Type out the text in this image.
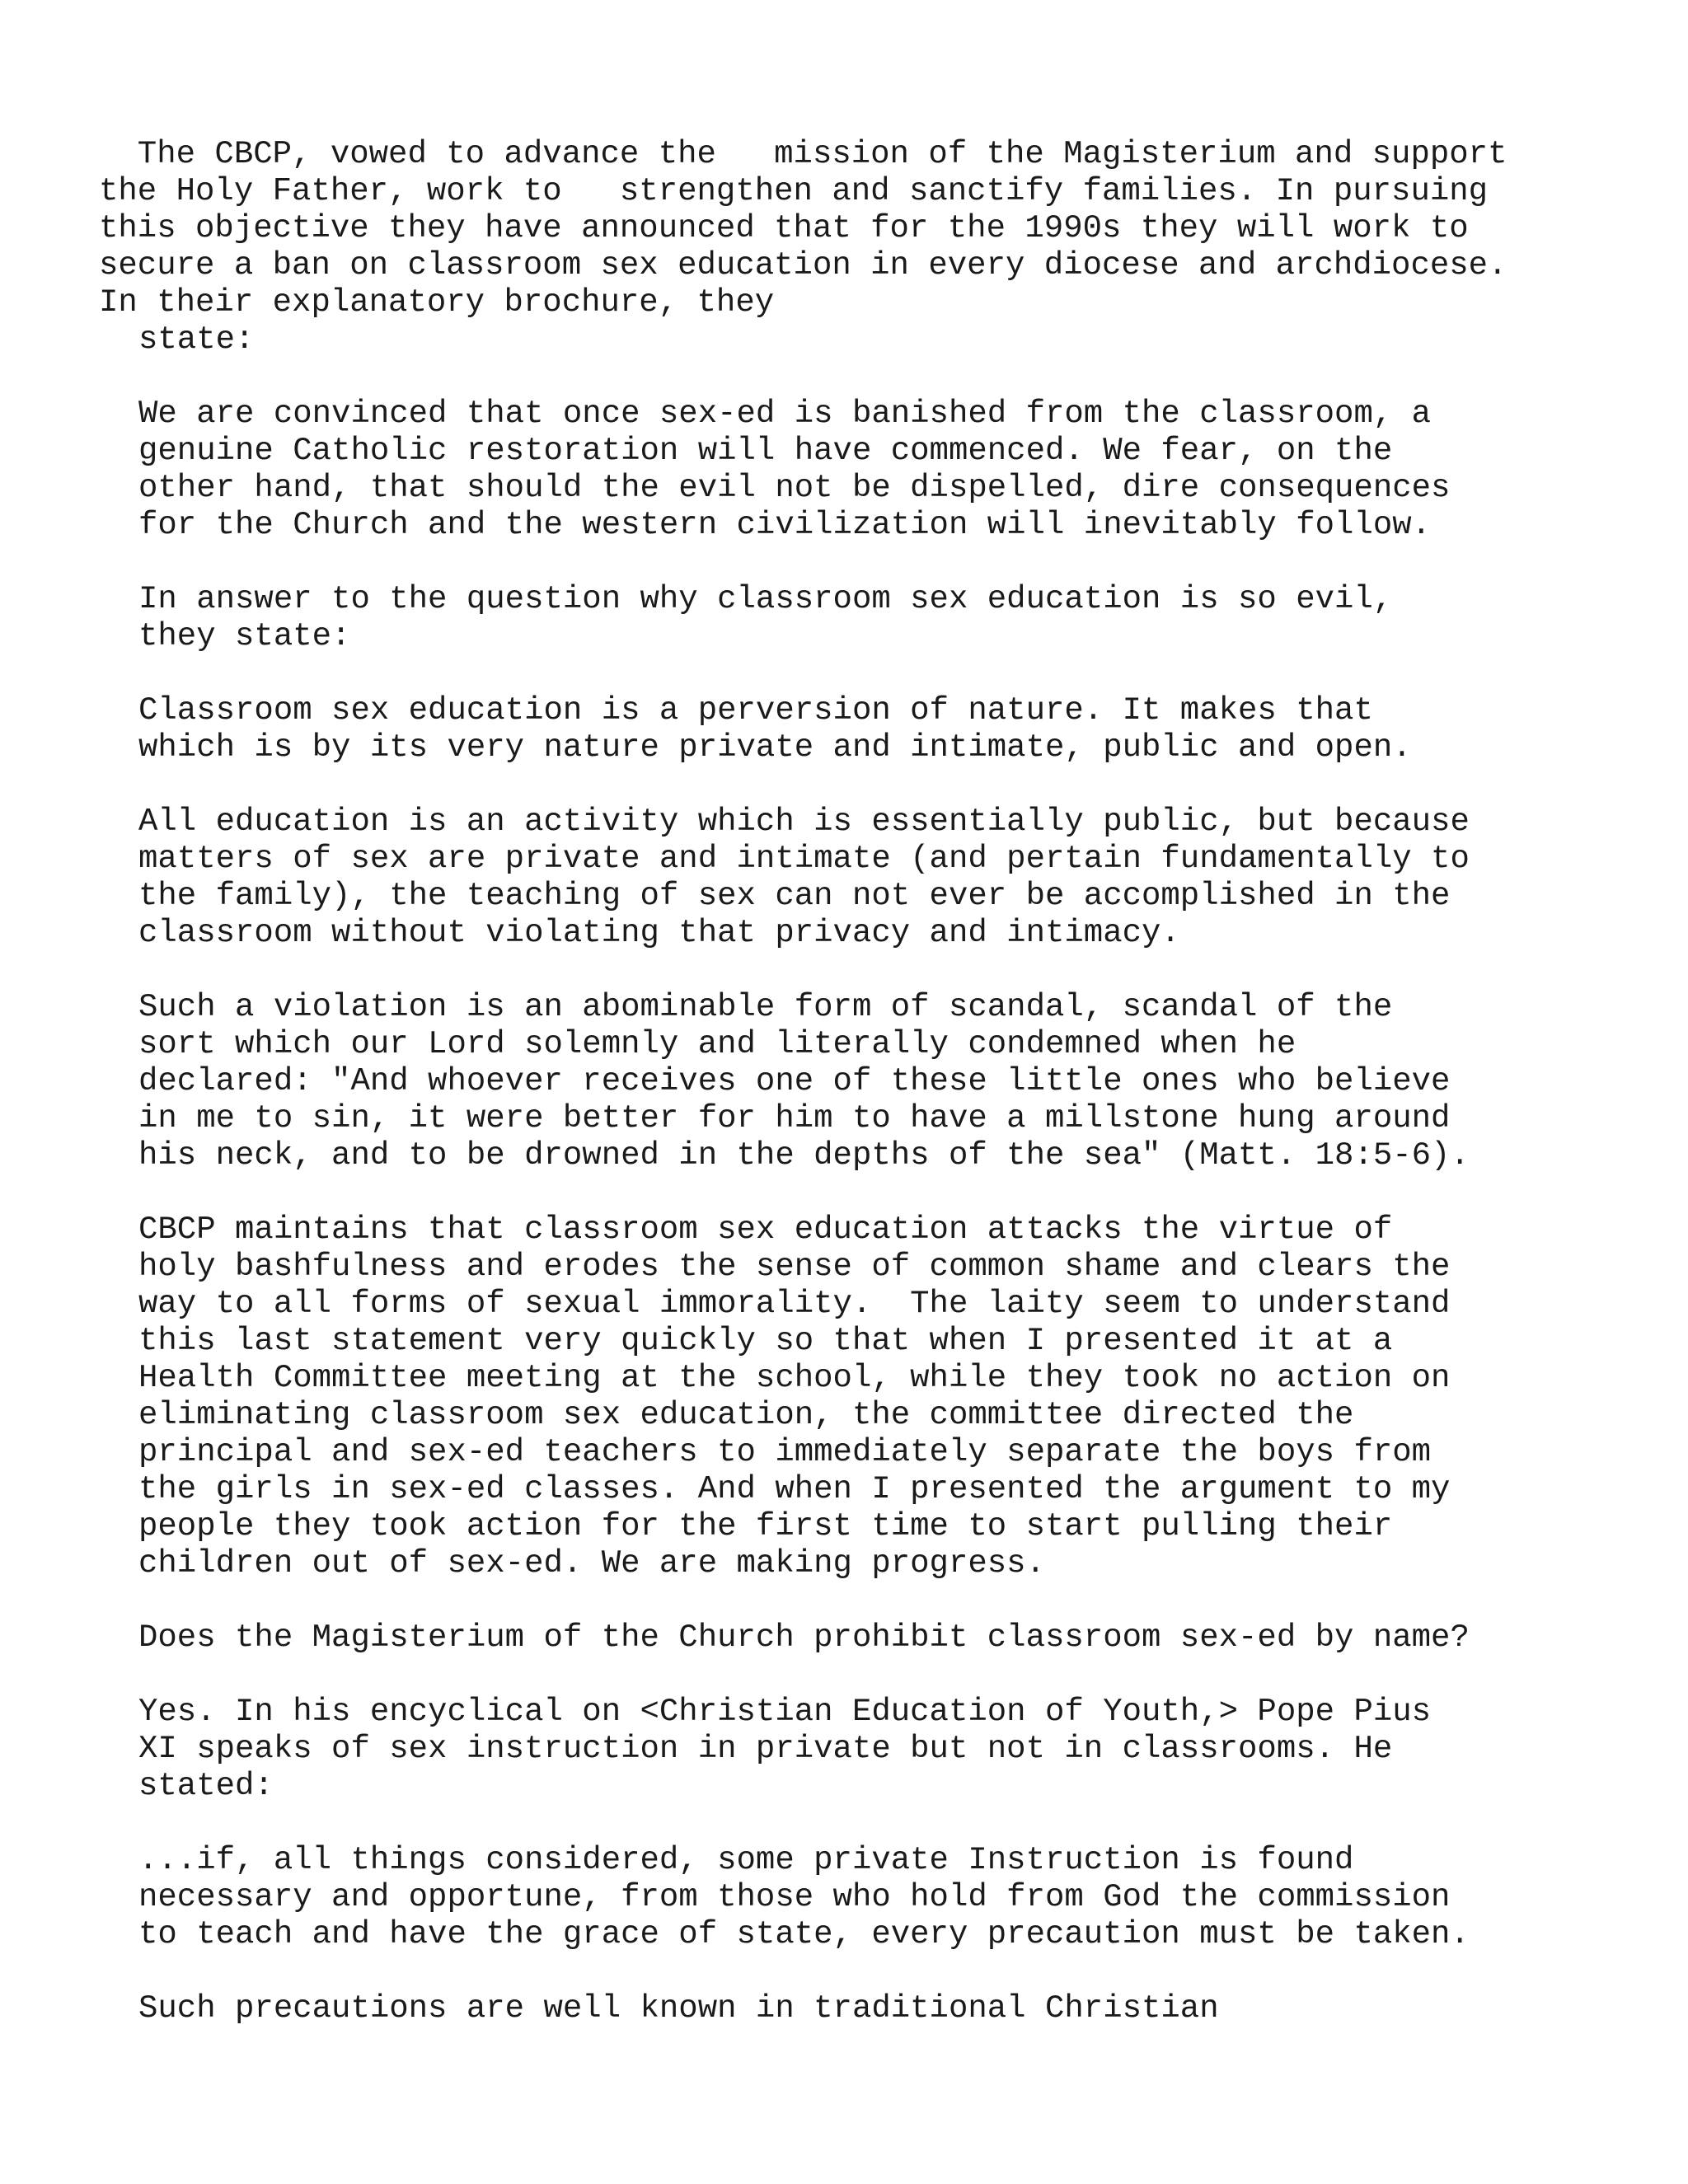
The CBCP, vowed to advance the   mission of the Magisterium and support

the Holy Father, work to   strengthen and sanctify families. In pursuing

this objective they have announced that for the 1990s they will work to

secure a ban on classroom sex education in every diocese and archdiocese.

In their explanatory brochure, they

state:

We are convinced that once sex-ed is banished from the classroom, a

genuine Catholic restoration will have commenced. We fear, on the

other hand, that should the evil not be dispelled, dire consequences

for the Church and the western civilization will inevitably follow.

In answer to the question why classroom sex education is so evil,

they state:

Classroom sex education is a perversion of nature. It makes that

which is by its very nature private and intimate, public and open.

All education is an activity which is essentially public, but because

matters of sex are private and intimate (and pertain fundamentally to

the family), the teaching of sex can not ever be accomplished in the

classroom without violating that privacy and intimacy.

Such a violation is an abominable form of scandal, scandal of the

sort which our Lord solemnly and literally condemned when he

declared: "And whoever receives one of these little ones who believe

in me to sin, it were better for him to have a millstone hung around

his neck, and to be drowned in the depths of the sea" (Matt. 18:5-6).

CBCP maintains that classroom sex education attacks the virtue of

holy bashfulness and erodes the sense of common shame and clears the

way to all forms of sexual immorality.  The laity seem to understand

this last statement very quickly so that when I presented it at a

Health Committee meeting at the school, while they took no action on

eliminating classroom sex education, the committee directed the

principal and sex-ed teachers to immediately separate the boys from

the girls in sex-ed classes. And when I presented the argument to my

people they took action for the first time to start pulling their

children out of sex-ed. We are making progress.

Does the Magisterium of the Church prohibit classroom sex-ed by name?

Yes. In his encyclical on <Christian Education of Youth,> Pope Pius

XI speaks of sex instruction in private but not in classrooms. He

stated:

...if, all things considered, some private Instruction is found

necessary and opportune, from those who hold from God the commission

to teach and have the grace of state, every precaution must be taken.

Such precautions are well known in traditional Christian
